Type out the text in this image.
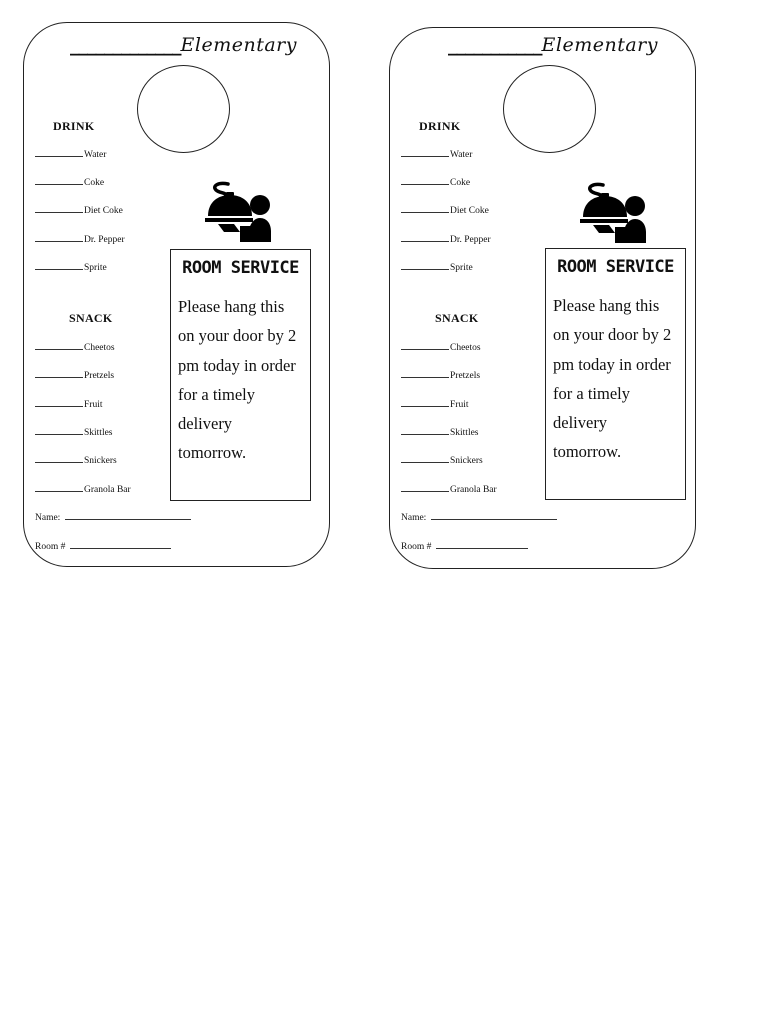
_____________Elementary
DRINK
Water
Coke
Diet Coke
Dr. Pepper
Sprite
SNACK
Cheetos
Pretzels
Fruit
Skittles
Snickers
Granola Bar
Name:
Room #
ROOM SERVICE
Please hang this on your door by 2 pm today in order for a timely delivery tomorrow.
___________Elementary
DRINK
Water
Coke
Diet Coke
Dr. Pepper
Sprite
SNACK
Cheetos
Pretzels
Fruit
Skittles
Snickers
Granola Bar
Name:
Room #
ROOM SERVICE
Please hang this on your door by 2 pm today in order for a timely delivery tomorrow.
